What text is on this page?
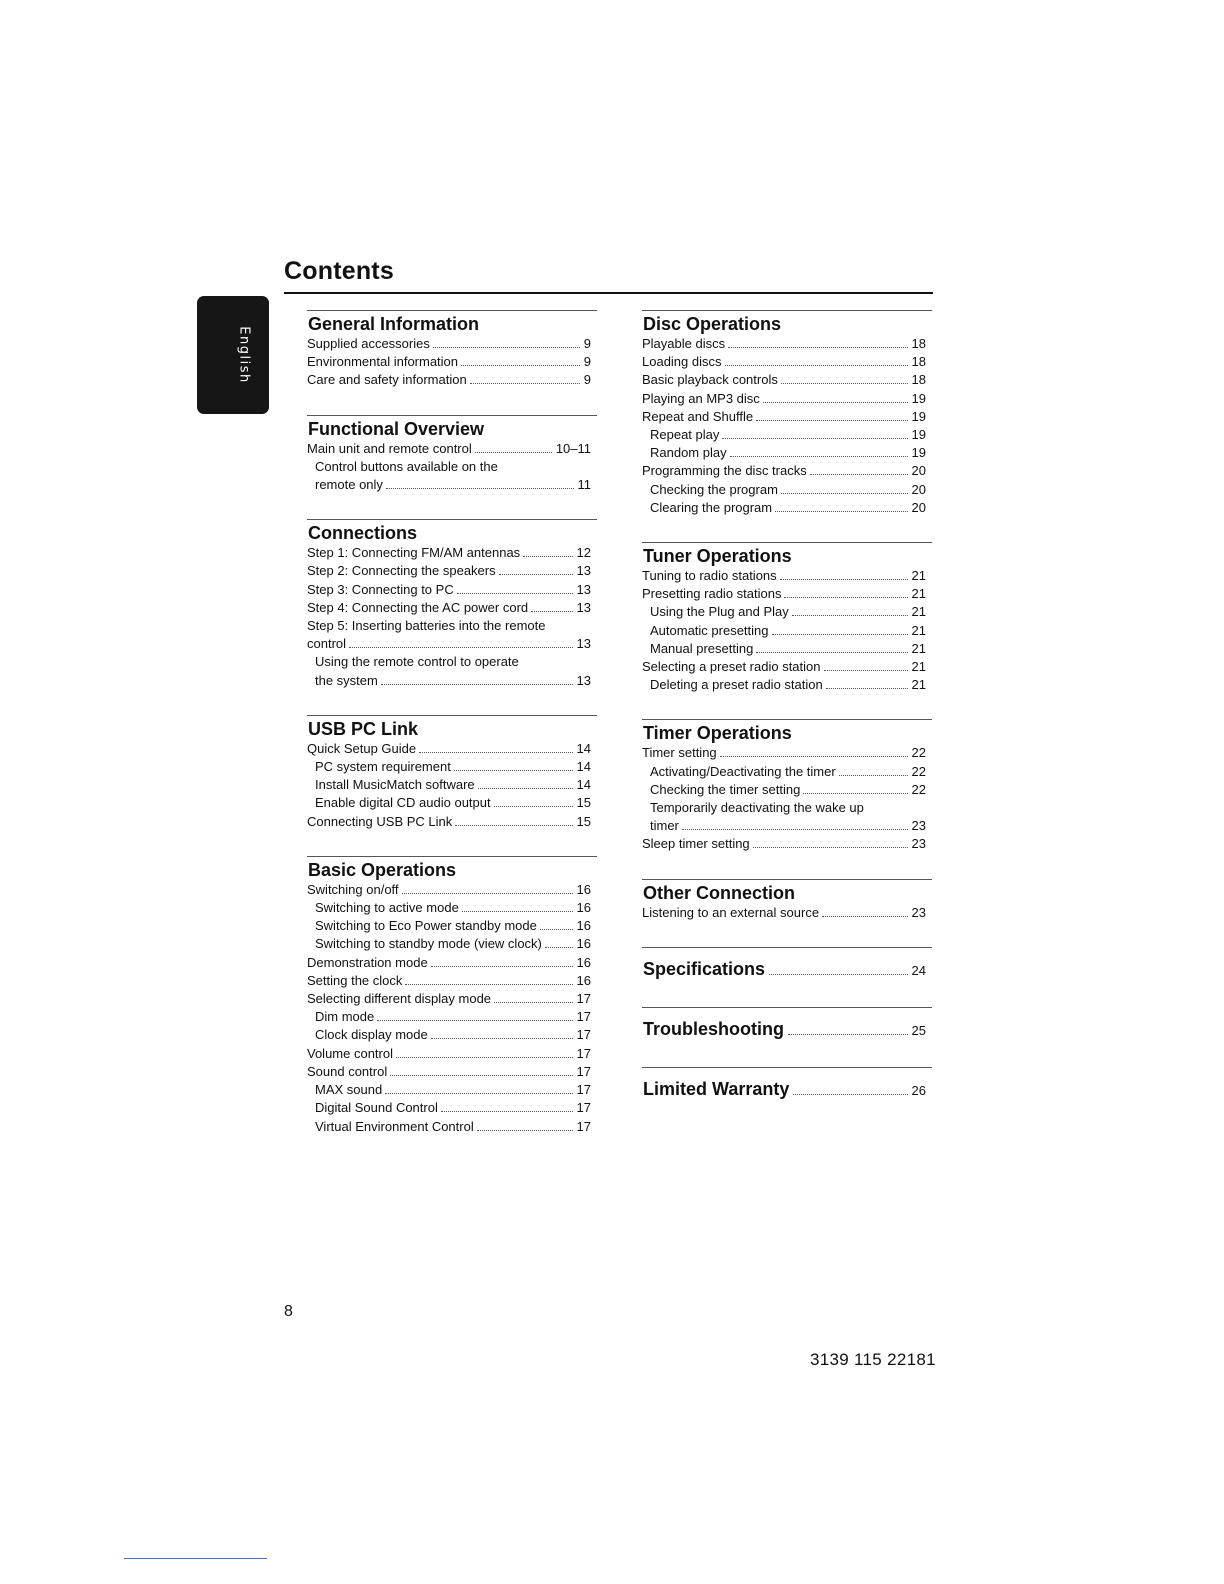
English
Contents
General Information
Supplied accessories	9
Environmental information	9
Care and safety information	9
Functional Overview
Main unit and remote control	10–11
Control buttons available on the
remote only	11
Connections
Step 1: Connecting FM/AM antennas	12
Step 2: Connecting the speakers	13
Step 3: Connecting to PC	13
Step 4: Connecting the AC power cord	13
Step 5: Inserting batteries into the remote
control	13
Using the remote control to operate
the system	13
USB PC Link
Quick Setup Guide	14
PC system requirement	14
Install MusicMatch software	14
Enable digital CD audio output	15
Connecting USB PC Link	15
Basic Operations
Switching on/off	16
Switching to active mode	16
Switching to Eco Power standby mode	16
Switching to standby mode (view clock)	16
Demonstration mode	16
Setting the clock	16
Selecting different display mode	17
Dim mode	17
Clock display mode	17
Volume control	17
Sound control	17
MAX sound	17
Digital Sound Control	17
Virtual Environment Control	17
Disc Operations
Playable discs	18
Loading discs	18
Basic playback controls	18
Playing an MP3 disc	19
Repeat and Shuffle	19
Repeat play	19
Random play	19
Programming the disc tracks	20
Checking the program	20
Clearing the program	20
Tuner Operations
Tuning to radio stations	21
Presetting radio stations	21
Using the Plug and Play	21
Automatic presetting	21
Manual presetting	21
Selecting a preset radio station	21
Deleting a preset radio station	21
Timer Operations
Timer setting	22
Activating/Deactivating the timer	22
Checking the timer setting	22
Temporarily deactivating the wake up
timer	23
Sleep timer setting	23
Other Connection
Listening to an external source	23
Specifications	24
Troubleshooting	25
Limited Warranty	26
8
3139 115 22181
